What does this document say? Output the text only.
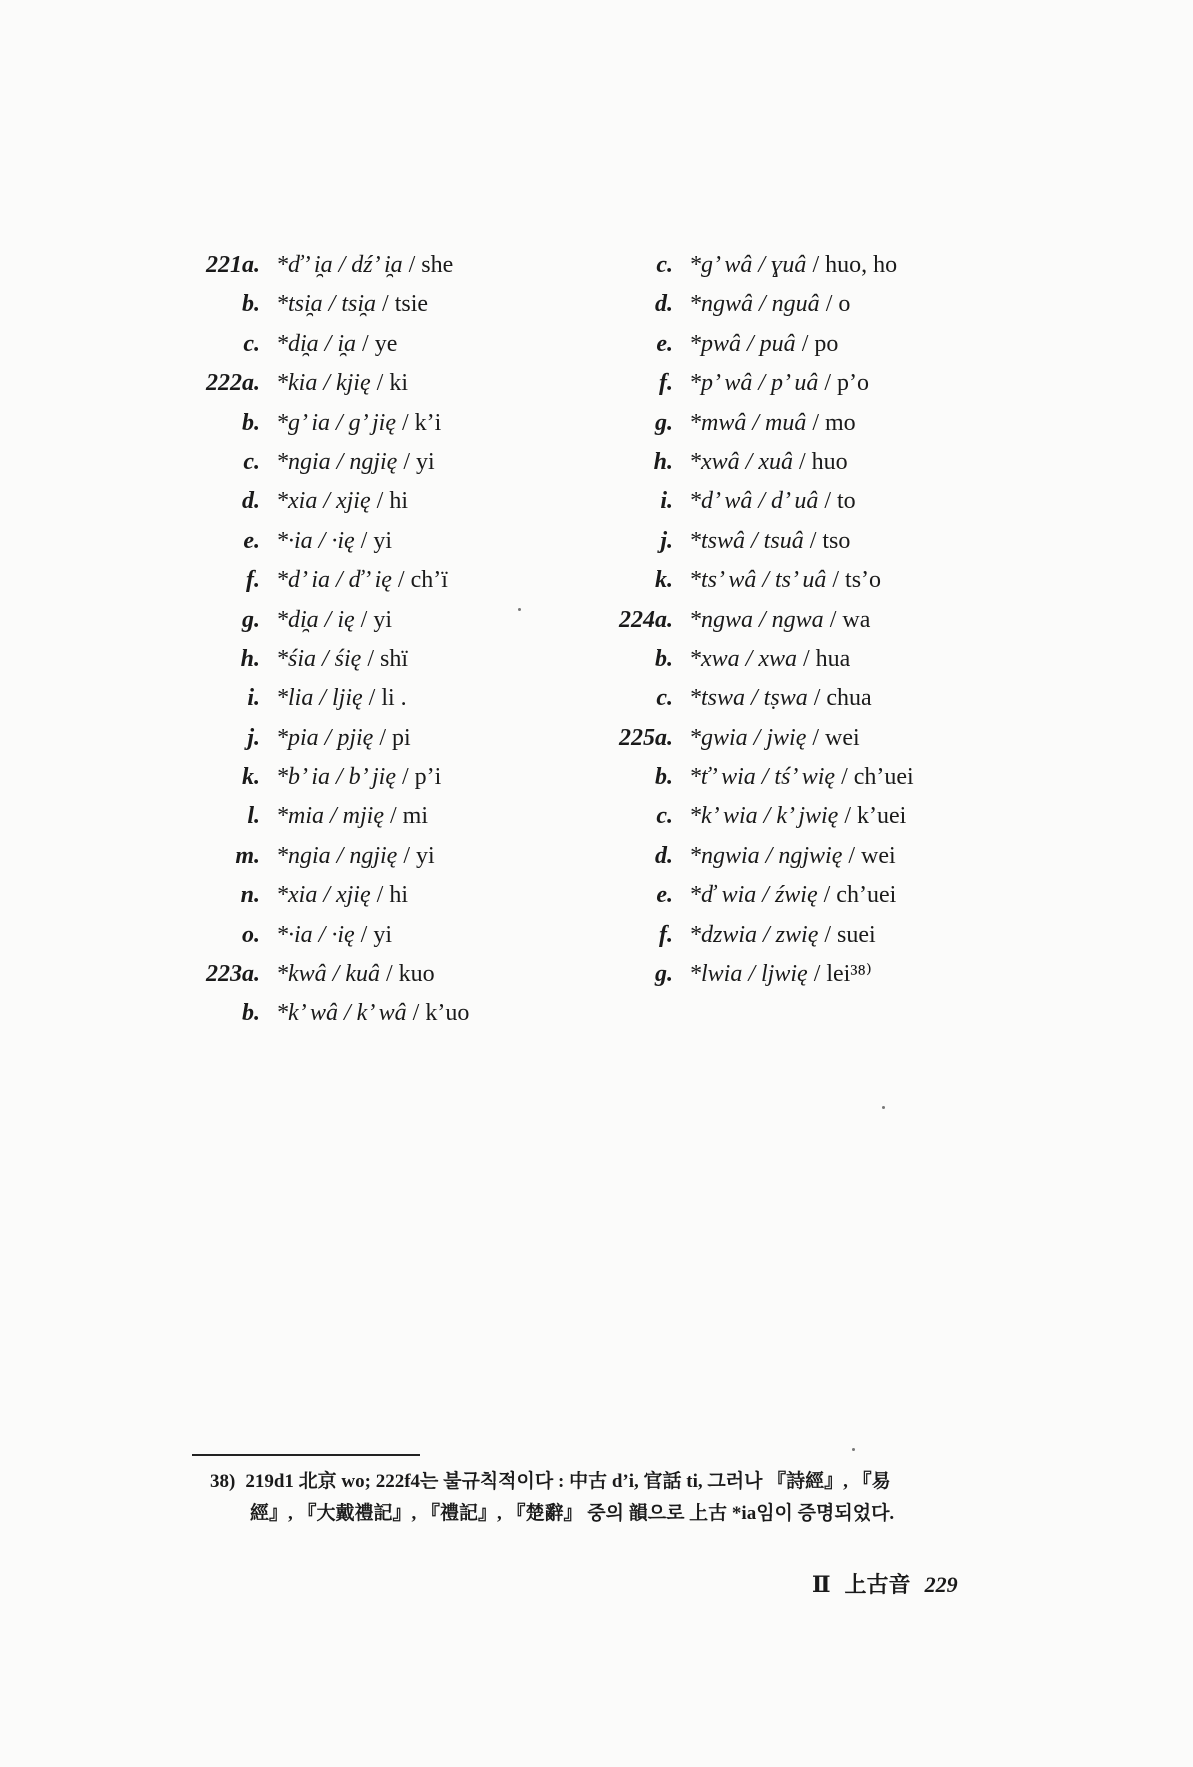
221a. *ď’ i̯a / dź’ i̯a / she
b. *tsi̯a / tsi̯a / tsie
c. *di̯a / i̯a / ye
222a. *kia / kjię / ki
b. *g’ ia / g’ jię / k’i
c. *ngia / ngjię / yi
d. *xia / xjię / hi
e. *·ia / ·ię / yi
f. *d’ ia / ď’ ię / ch’ï
g. *di̯a / ię / yi
h. *śia / śię / shï
i. *lia / ljię / li .
j. *pia / pjię / pi
k. *b’ ia / b’ jię / p’i
l. *mia / mjię / mi
m. *ngia / ngjię / yi
n. *xia / xjię / hi
o. *·ia / ·ię / yi
223a. *kwâ / kuâ / kuo
b. *k’ wâ / k’ wâ / k’uo
c. *g’ wâ / ɣuâ / huo, ho
d. *ngwâ / nguâ / o
e. *pwâ / puâ / po
f. *p’ wâ / p’ uâ / p’o
g. *mwâ / muâ / mo
h. *xwâ / xuâ / huo
i. *d’ wâ / d’ uâ / to
j. *tswâ / tsuâ / tso
k. *ts’ wâ / ts’ uâ / ts’o
224a. *ngwa / ngwa / wa
b. *xwa / xwa / hua
c. *tswa / tṣwa / chua
225a. *gwia / jwię / wei
b. *ť’ wia / tś’ wię / ch’uei
c. *k’ wia / k’ jwię / k’uei
d. *ngwia / ngjwię / wei
e. *ď wia / źwię / ch’uei
f. *dzwia / zwię / suei
g. *lwia / ljwię / lei³⁸⁾
38) 219d1 北京 wo; 222f4는 불규칙적이다 : 中古 d’i, 官話 ti, 그러나 『詩經』, 『易
經』, 『大戴禮記』, 『禮記』, 『楚辭』 중의 韻으로 上古 *ia임이 증명되었다.
Ⅱ 上古音 229
